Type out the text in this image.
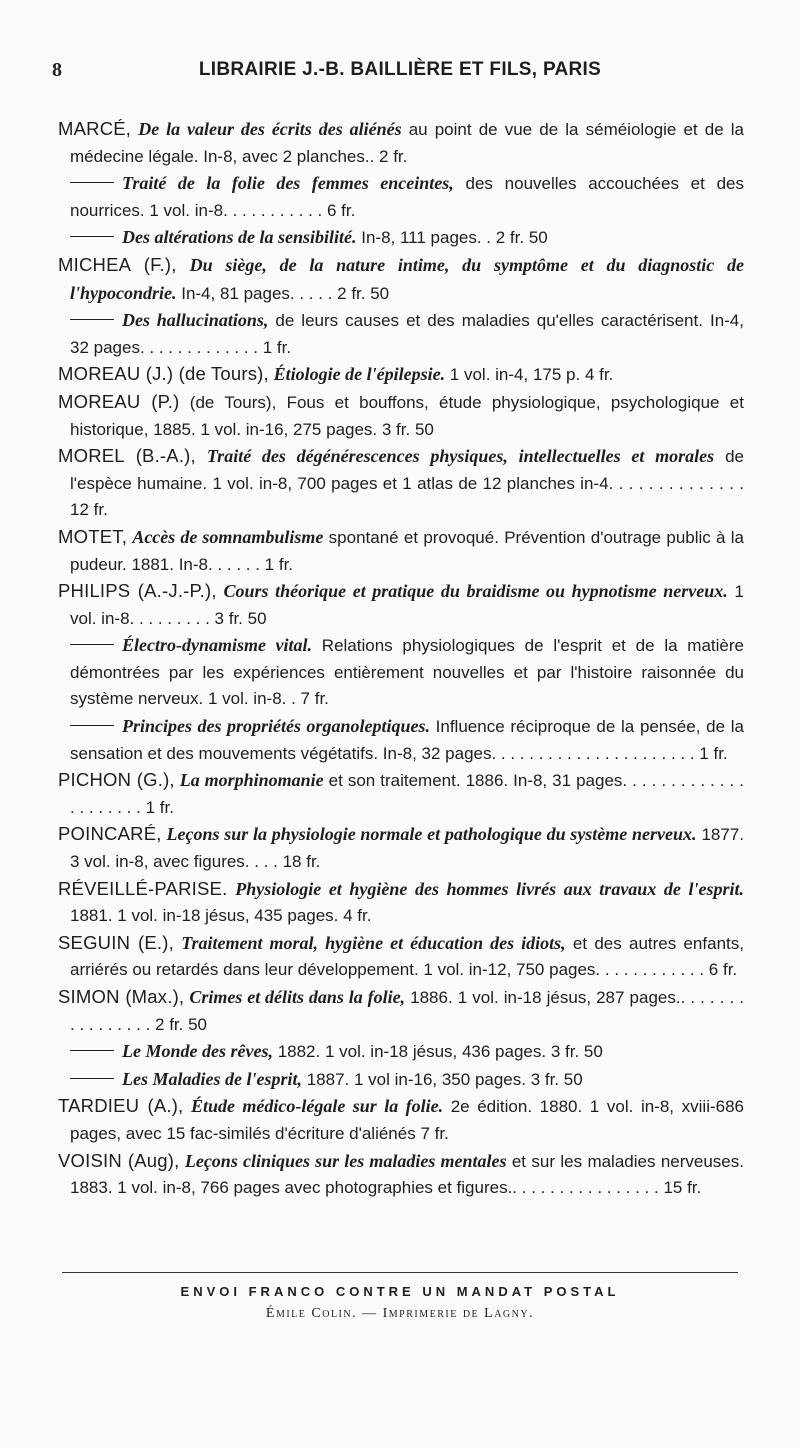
8	LIBRAIRIE J.-B. BAILLIÈRE ET FILS, PARIS

MARCÉ, De la valeur des écrits des aliénés au point de vue de la séméiologie et de la médecine légale. In-8, avec 2 planches.. 2 fr.

Traité de la folie des femmes enceintes, des nouvelles accouchées et des nourrices. 1 vol. in-8. . . . . . . . . . . 6 fr.

Des altérations de la sensibilité. In-8, 111 pages. . 2 fr. 50

MICHEA (F.), Du siège, de la nature intime, du symptôme et du diagnostic de l'hypocondrie. In-4, 81 pages. . . . . 2 fr. 50

Des hallucinations, de leurs causes et des maladies qu'elles caractérisent. In-4, 32 pages. . . . . . . . . . . . . 1 fr.

MOREAU (J.) (de Tours), Étiologie de l'épilepsie. 1 vol. in-4, 175 p. 4 fr.

MOREAU (P.) (de Tours), Fous et bouffons, étude physiologique, psychologique et historique, 1885. 1 vol. in-16, 275 pages. 3 fr. 50

MOREL (B.-A.), Traité des dégénérescences physiques, intellectuelles et morales de l'espèce humaine. 1 vol. in-8, 700 pages et 1 atlas de 12 planches in-4. . . . . . . . . . . . . . 12 fr.

MOTET, Accès de somnambulisme spontané et provoqué. Prévention d'outrage public à la pudeur. 1881. In-8. . . . . . 1 fr.

PHILIPS (A.-J.-P.), Cours théorique et pratique du braidisme ou hypnotisme nerveux. 1 vol. in-8. . . . . . . . . 3 fr. 50

Électro-dynamisme vital. Relations physiologiques de l'esprit et de la matière démontrées par les expériences entièrement nouvelles et par l'histoire raisonnée du système nerveux. 1 vol. in-8. . 7 fr.

Principes des propriétés organoleptiques. Influence réciproque de la pensée, de la sensation et des mouvements végétatifs. In-8, 32 pages. . . . . . . . . . . . . . . . . . . . . . 1 fr.

PICHON (G.), La morphinomanie et son traitement. 1886. In-8, 31 pages. . . . . . . . . . . . . . . . . . . . . 1 fr.

POINCARÉ, Leçons sur la physiologie normale et pathologique du système nerveux. 1877. 3 vol. in-8, avec figures. . . . 18 fr.

RÉVEILLÉ-PARISE. Physiologie et hygiène des hommes livrés aux travaux de l'esprit. 1881. 1 vol. in-18 jésus, 435 pages. 4 fr.

SEGUIN (E.), Traitement moral, hygiène et éducation des idiots, et des autres enfants, arriérés ou retardés dans leur développement. 1 vol. in-12, 750 pages. . . . . . . . . . . . 6 fr.

SIMON (Max.), Crimes et délits dans la folie, 1886. 1 vol. in-18 jésus, 287 pages.. . . . . . . . . . . . . . . . 2 fr. 50

Le Monde des rêves, 1882. 1 vol. in-18 jésus, 436 pages. 3 fr. 50

Les Maladies de l'esprit, 1887. 1 vol in-16, 350 pages. 3 fr. 50

TARDIEU (A.), Étude médico-légale sur la folie. 2e édition. 1880. 1 vol. in-8, xviii-686 pages, avec 15 fac-similés d'écriture d'aliénés 7 fr.

VOISIN (Aug), Leçons cliniques sur les maladies mentales et sur les maladies nerveuses. 1883. 1 vol. in-8, 766 pages avec photographies et figures.. . . . . . . . . . . . . . . . 15 fr.

ENVOI FRANCO CONTRE UN MANDAT POSTAL
Émile Colin. — Imprimerie de Lagny.
